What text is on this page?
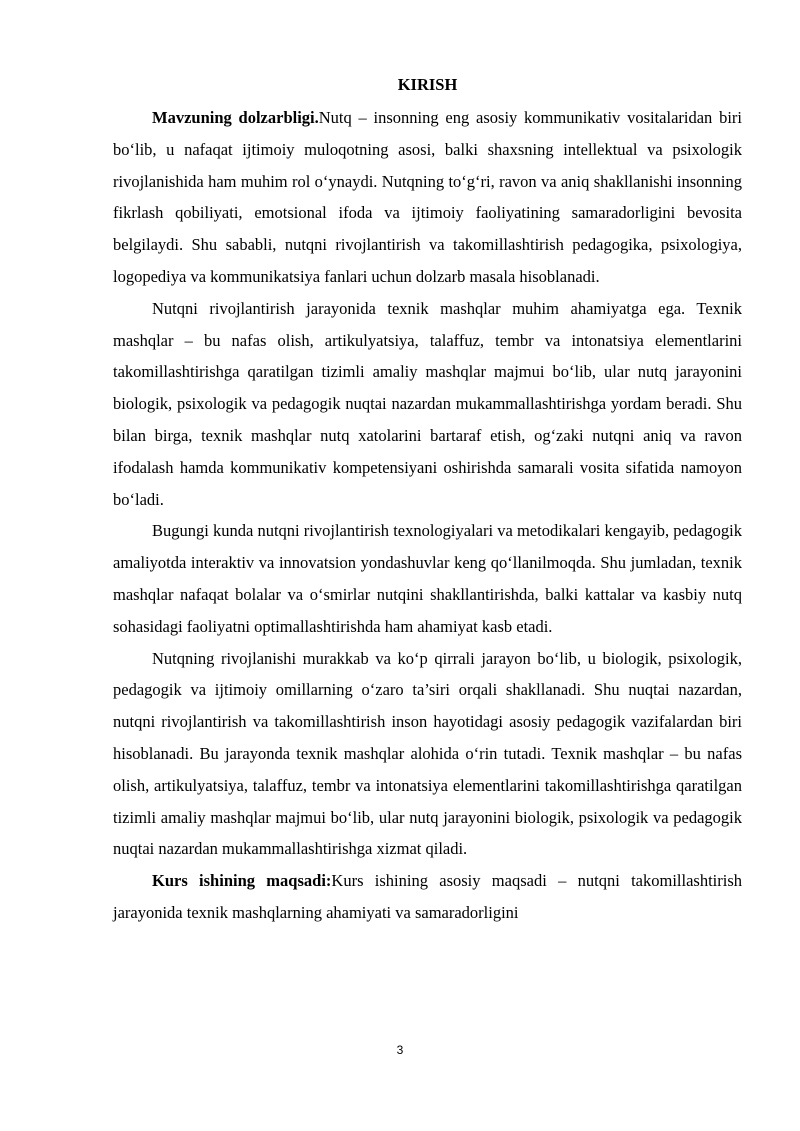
KIRISH

Mavzuning dolzarbligi.Nutq – insonning eng asosiy kommunikativ vositalaridan biri bo‘lib, u nafaqat ijtimoiy muloqotning asosi, balki shaxsning intellektual va psixologik rivojlanishida ham muhim rol o‘ynaydi. Nutqning to‘g‘ri, ravon va aniq shakllanishi insonning fikrlash qobiliyati, emotsional ifoda va ijtimoiy faoliyatining samaradorligini bevosita belgilaydi. Shu sababli, nutqni rivojlantirish va takomillashtirish pedagogika, psixologiya, logopediya va kommunikatsiya fanlari uchun dolzarb masala hisoblanadi.

Nutqni rivojlantirish jarayonida texnik mashqlar muhim ahamiyatga ega. Texnik mashqlar – bu nafas olish, artikulyatsiya, talaffuz, tembr va intonatsiya elementlarini takomillashtirishga qaratilgan tizimli amaliy mashqlar majmui bo‘lib, ular nutq jarayonini biologik, psixologik va pedagogik nuqtai nazardan mukammallashtirishga yordam beradi. Shu bilan birga, texnik mashqlar nutq xatolarini bartaraf etish, og‘zaki nutqni aniq va ravon ifodalash hamda kommunikativ kompetensiyani oshirishda samarali vosita sifatida namoyon bo‘ladi.

Bugungi kunda nutqni rivojlantirish texnologiyalari va metodikalari kengayib, pedagogik amaliyotda interaktiv va innovatsion yondashuvlar keng qo‘llanilmoqda. Shu jumladan, texnik mashqlar nafaqat bolalar va o‘smirlar nutqini shakllantirishda, balki kattalar va kasbiy nutq sohasidagi faoliyatni optimallashtirishda ham ahamiyat kasb etadi.

Nutqning rivojlanishi murakkab va ko‘p qirrali jarayon bo‘lib, u biologik, psixologik, pedagogik va ijtimoiy omillarning o‘zaro ta’siri orqali shakllanadi. Shu nuqtai nazardan, nutqni rivojlantirish va takomillashtirish inson hayotidagi asosiy pedagogik vazifalardan biri hisoblanadi. Bu jarayonda texnik mashqlar alohida o‘rin tutadi. Texnik mashqlar – bu nafas olish, artikulyatsiya, talaffuz, tembr va intonatsiya elementlarini takomillashtirishga qaratilgan tizimli amaliy mashqlar majmui bo‘lib, ular nutq jarayonini biologik, psixologik va pedagogik nuqtai nazardan mukammallashtirishga xizmat qiladi.

Kurs ishining maqsadi:Kurs ishining asosiy maqsadi – nutqni takomillashtirish jarayonida texnik mashqlarning ahamiyati va samaradorligini

3
